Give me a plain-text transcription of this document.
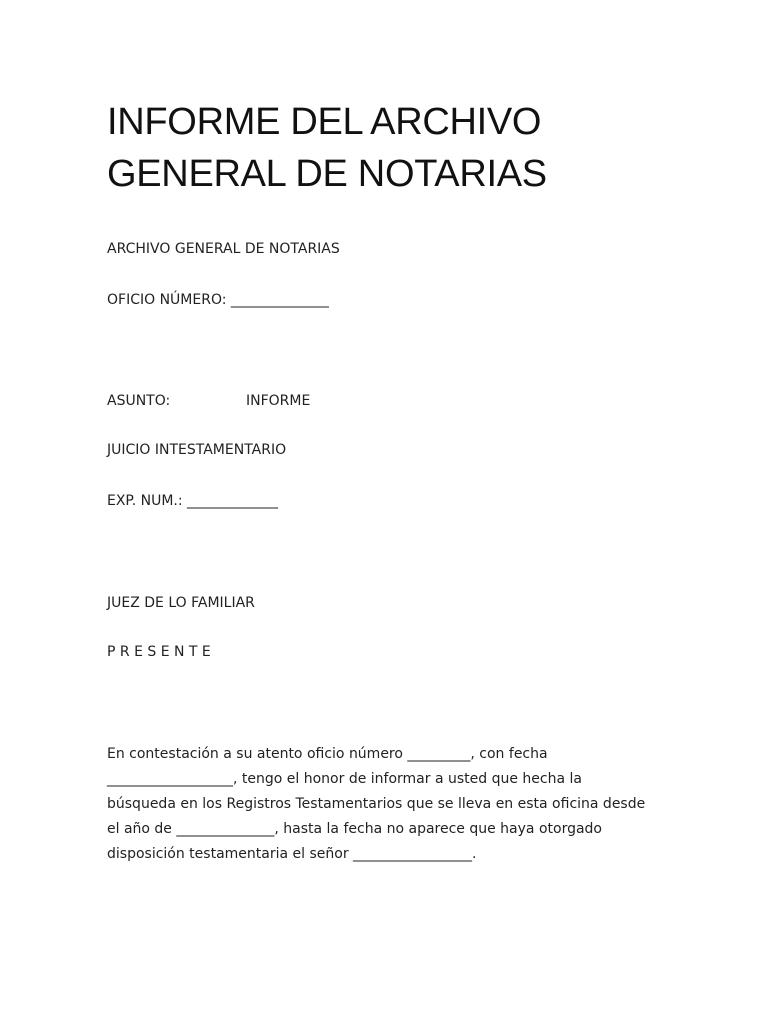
INFORME DEL ARCHIVO
GENERAL DE NOTARIAS

ARCHIVO GENERAL DE NOTARIAS

OFICIO NÚMERO: ______________

ASUNTO:	INFORME

JUICIO INTESTAMENTARIO

EXP. NUM.: _____________

JUEZ DE LO FAMILIAR

P R E S E N T E

En contestación a su atento oficio número _________, con fecha __________________, tengo el honor de informar a usted que hecha la búsqueda en los Registros Testamentarios que se lleva en esta oficina desde el año de ______________, hasta la fecha no aparece que haya otorgado disposición testamentaria el señor _________________.
